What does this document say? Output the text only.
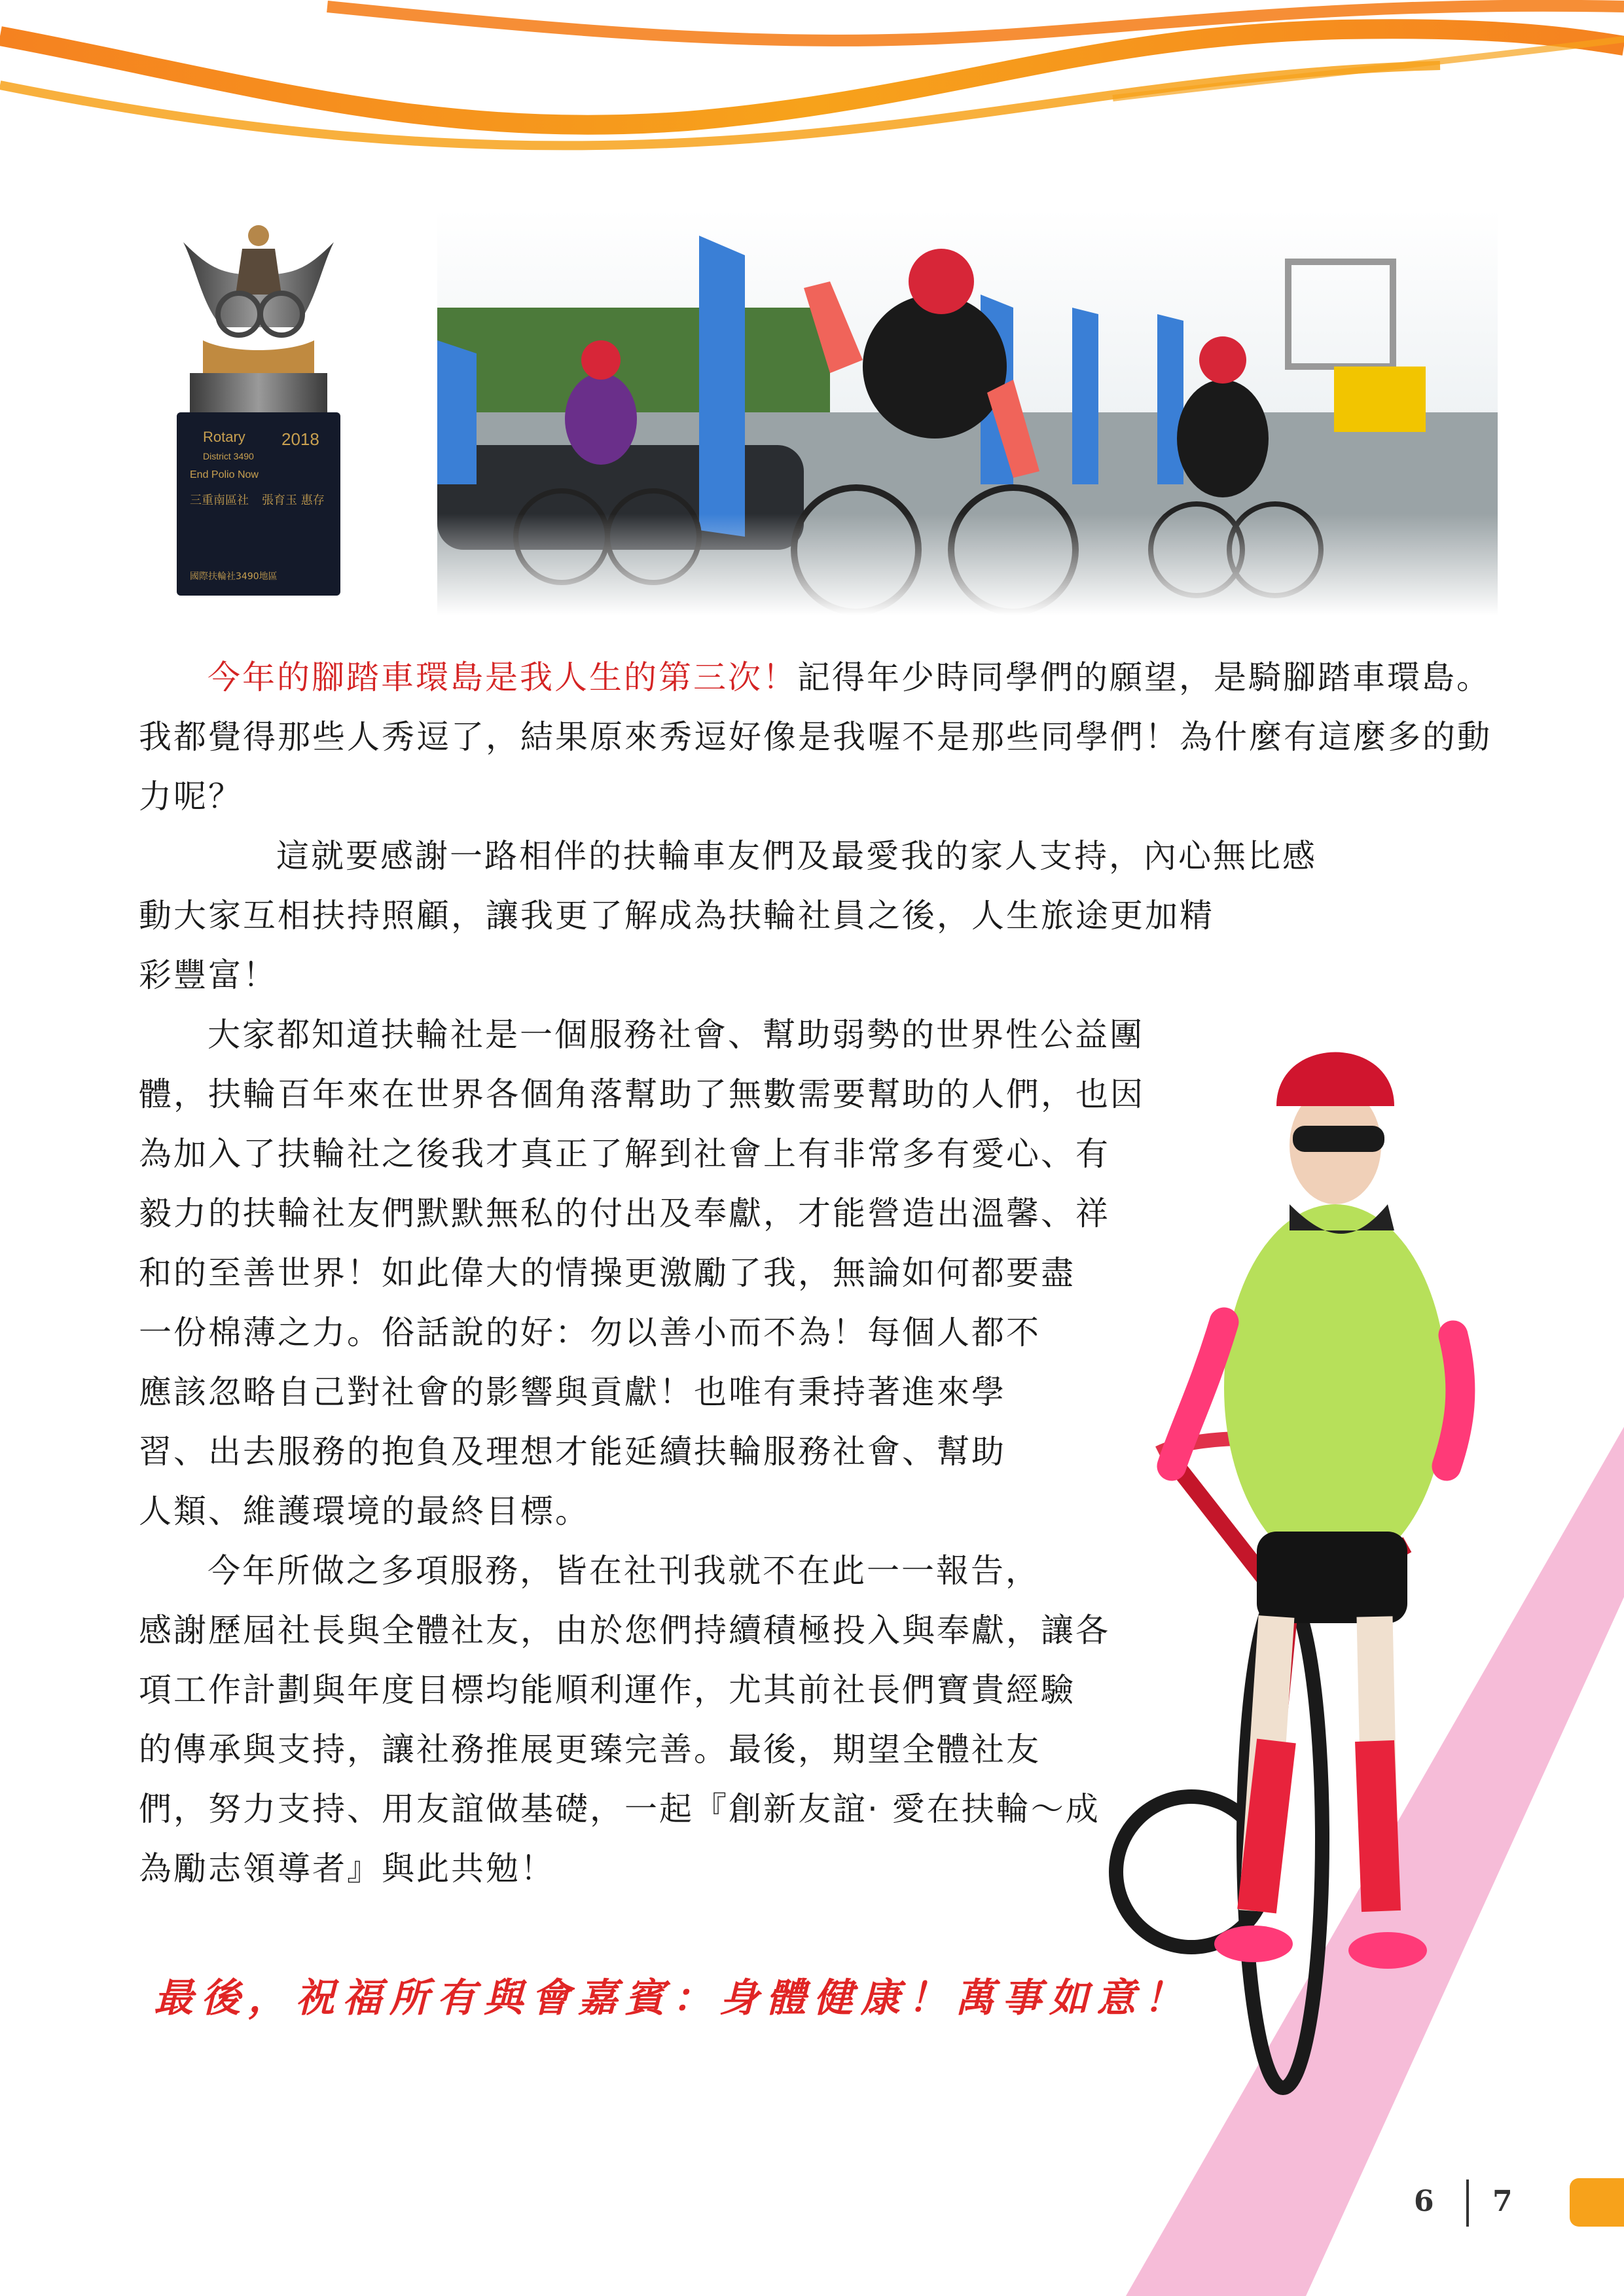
Rotary 2018
District 3490
End Polio Now
三重南區社 張育玉 惠存
國際扶輪社3490地區

今年的腳踏車環島是我人生的第三次！記得年少時同學們的願望，是騎腳踏車環島。我都覺得那些人秀逗了，結果原來秀逗好像是我喔不是那些同學們！為什麼有這麼多的動力呢？

這就要感謝一路相伴的扶輪車友們及最愛我的家人支持，內心無比感
動大家互相扶持照顧，讓我更了解成為扶輪社員之後，人生旅途更加精
彩豐富！

大家都知道扶輪社是一個服務社會、幫助弱勢的世界性公益團
體，扶輪百年來在世界各個角落幫助了無數需要幫助的人們，也因
為加入了扶輪社之後我才真正了解到社會上有非常多有愛心、有
毅力的扶輪社友們默默無私的付出及奉獻，才能營造出溫馨、祥
和的至善世界！如此偉大的情操更激勵了我，無論如何都要盡
一份棉薄之力。俗話說的好：勿以善小而不為！每個人都不
應該忽略自己對社會的影響與貢獻！也唯有秉持著進來學
習、出去服務的抱負及理想才能延續扶輪服務社會、幫助
人類、維護環境的最終目標。

今年所做之多項服務，皆在社刊我就不在此一一報告，
感謝歷屆社長與全體社友，由於您們持續積極投入與奉獻，讓各
項工作計劃與年度目標均能順利運作，尤其前社長們寶貴經驗
的傳承與支持，讓社務推展更臻完善。最後，期望全體社友
們，努力支持、用友誼做基礎，一起『創新友誼· 愛在扶輪～成
為勵志領導者』與此共勉！

最後，祝福所有與會嘉賓：身體健康！萬事如意！
6 7
